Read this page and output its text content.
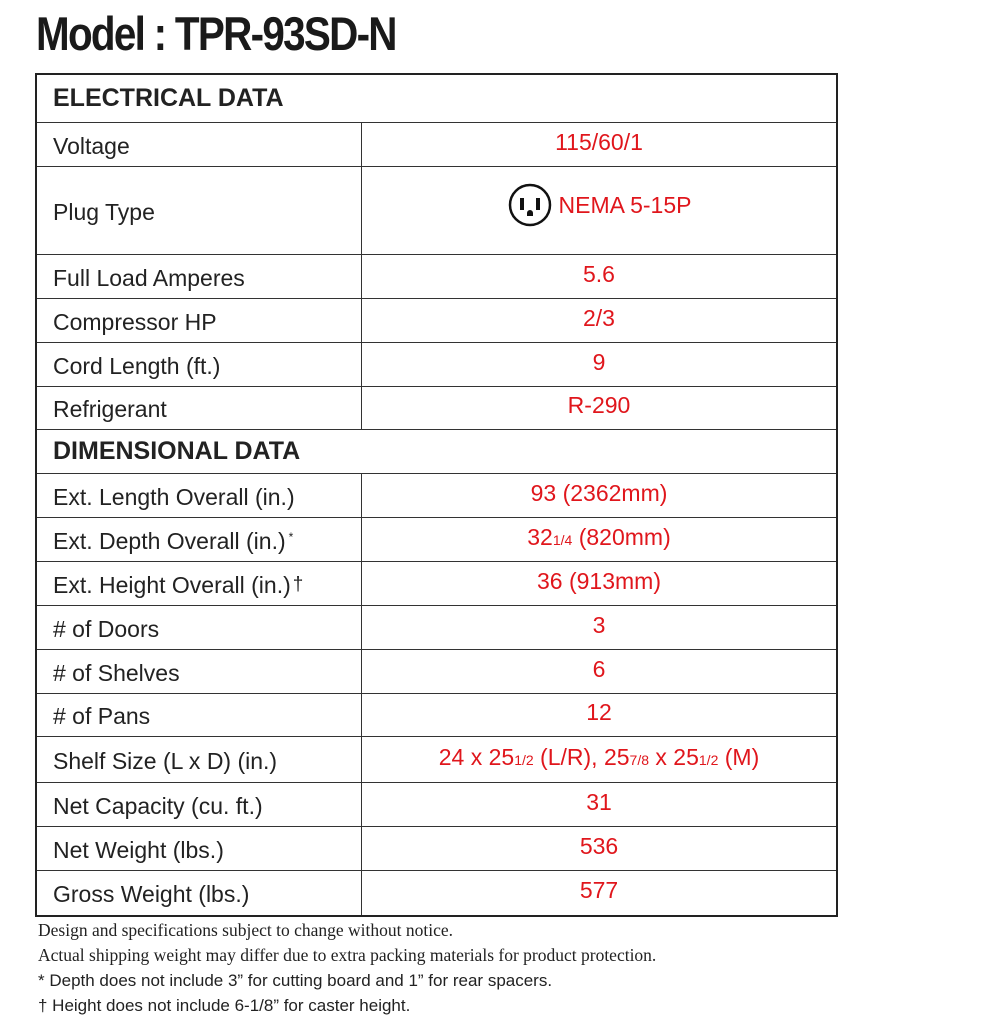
Model : TPR-93SD-N
ELECTRICAL DATA	
Voltage	115/60/1
Plug Type	NEMA 5-15P

Full Load Amperes	5.6
Compressor HP	2/3
Cord Length (ft.)	9
Refrigerant	R-290
DIMENSIONAL DATA	
Ext. Length Overall (in.)	93 (2362mm)
Ext. Depth Overall (in.) *	321/4 (820mm)
Ext. Height Overall (in.) †	36 (913mm)
# of Doors	3
# of Shelves	6
# of Pans	12
Shelf Size (L x D) (in.)	24 x 251/2 (L/R), 257/8 x 251/2 (M)
Net Capacity (cu. ft.)	31
Net Weight (lbs.)	536
Gross Weight (lbs.)	577
Design and specifications subject to change without notice.
Actual shipping weight may differ due to extra packing materials for product protection.
* Depth does not include 3” for cutting board and 1” for rear spacers.
† Height does not include 6-1/8” for caster height.
